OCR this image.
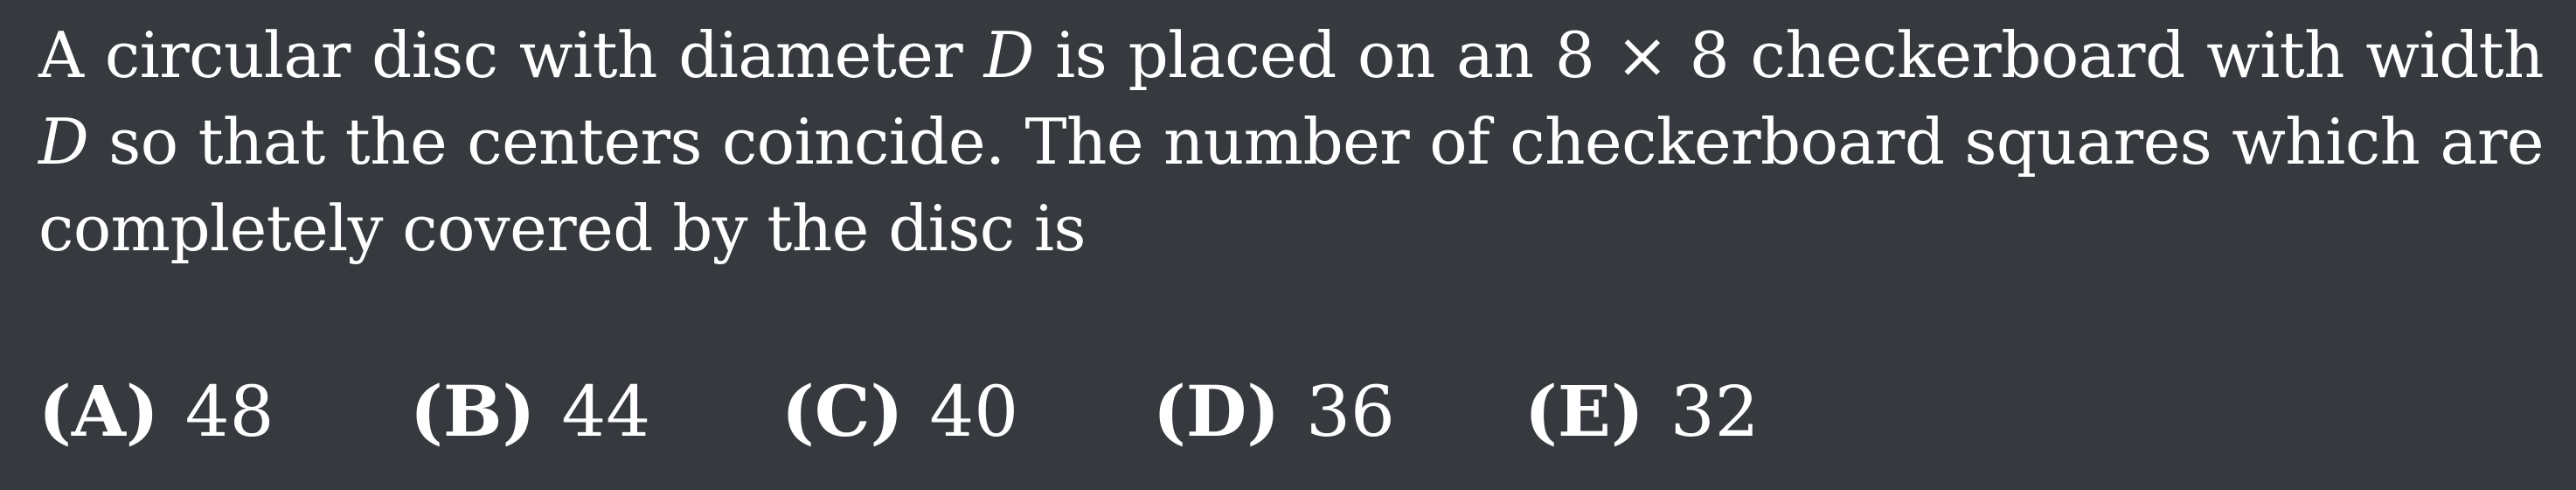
A circular disc with diameter D is placed on an 8 × 8 checkerboard with width D so that the centers coincide. The number of checkerboard squares which are completely covered by the disc is
(A) 48 (B) 44 (C) 40 (D) 36 (E) 32
